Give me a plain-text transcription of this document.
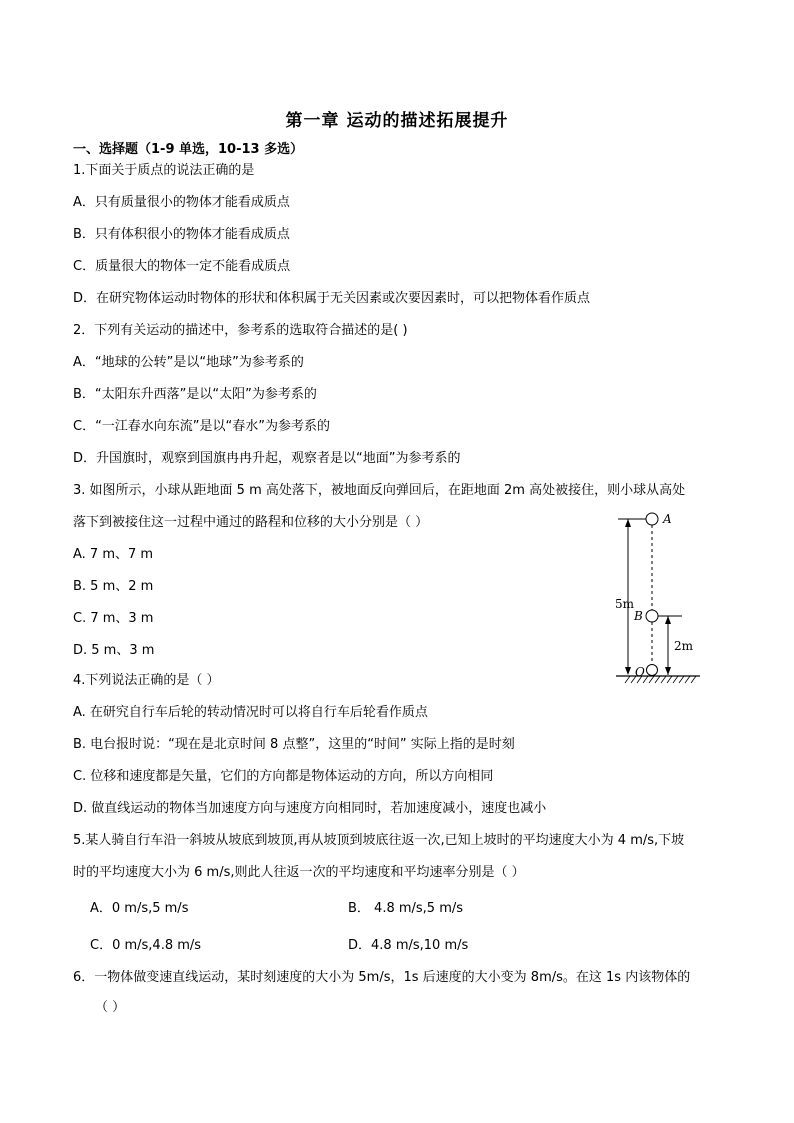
第一章 运动的描述拓展提升
一、选择题（1-9 单选，10-13 多选）
1.下面关于质点的说法正确的是
A．只有质量很小的物体才能看成质点
B．只有体积很小的物体才能看成质点
C．质量很大的物体一定不能看成质点
D．在研究物体运动时物体的形状和体积属于无关因素或次要因素时，可以把物体看作质点
2．下列有关运动的描述中，参考系的选取符合描述的是( )
A．“地球的公转”是以“地球”为参考系的
B．“太阳东升西落”是以“太阳”为参考系的
C．“一江春水向东流”是以“春水”为参考系的
D．升国旗时，观察到国旗冉冉升起，观察者是以“地面”为参考系的
3. 如图所示，小球从距地面 5 m 高处落下，被地面反向弹回后，在距地面 2m 高处被接住，则小球从高处
落下到被接住这一过程中通过的路程和位移的大小分别是（ ）
A. 7 m、7 m
B. 5 m、2 m
C. 7 m、3 m
D. 5 m、3 m
A
5m
B
2m
O
4.下列说法正确的是（ ）
A. 在研究自行车后轮的转动情况时可以将自行车后轮看作质点
B. 电台报时说：“现在是北京时间 8 点整”，这里的“时间” 实际上指的是时刻
C. 位移和速度都是矢量，它们的方向都是物体运动的方向，所以方向相同
D. 做直线运动的物体当加速度方向与速度方向相同时，若加速度减小，速度也减小
5.某人骑自行车沿一斜坡从坡底到坡顶,再从坡顶到坡底往返一次,已知上坡时的平均速度大小为 4 m/s,下坡
时的平均速度大小为 6 m/s,则此人往返一次的平均速度和平均速率分别是（ ）
A．0 m/s,5 m/s	B． 4.8 m/s,5 m/s
C．0 m/s,4.8 m/s	D．4.8 m/s,10 m/s
6．一物体做变速直线运动，某时刻速度的大小为 5m/s，1s 后速度的大小变为 8m/s。在这 1s 内该物体的
（ ）
